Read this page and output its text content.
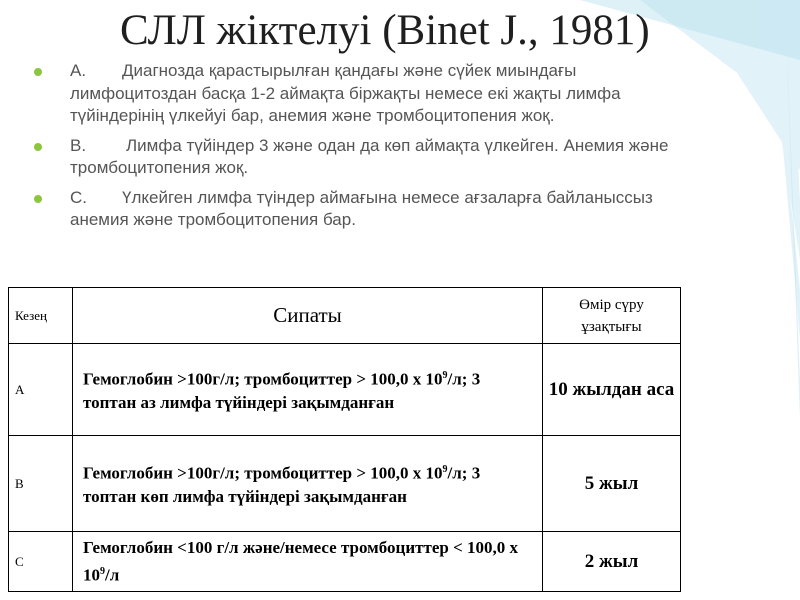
СЛЛ жіктелуі (Binet J., 1981)
А. Диагнозда қарастырылған қандағы және сүйек миындағы лимфоцитоздан басқа 1-2 аймақта біржақты немесе екі жақты лимфа түйіндерінің үлкейуі бар, анемия және тромбоцитопения жоқ.
В. Лимфа түйіндер 3 және одан да көп аймақта үлкейген. Анемия және тромбоцитопения жоқ.
С. Үлкейген лимфа түіндер аймағына немесе ағзаларға байланыссыз анемия және тромбоцитопения бар.
Кезең	Сипаты	Өмір сүру
ұзақтығы
А	Гемоглобин >100г/л; тромбоциттер > 100,0 х $10^9/л$; 3 топтан аз лимфа түйіндері зақымданған	10 жылдан аса
В	Гемоглобин >100г/л; тромбоциттер > 100,0 х $10^9/л$; 3 топтан көп лимфа түйіндері зақымданған	5 жыл
С	Гемоглобин <100 г/л және/немесе тромбоциттер < 100,0 х $10^9/л$	2 жыл
